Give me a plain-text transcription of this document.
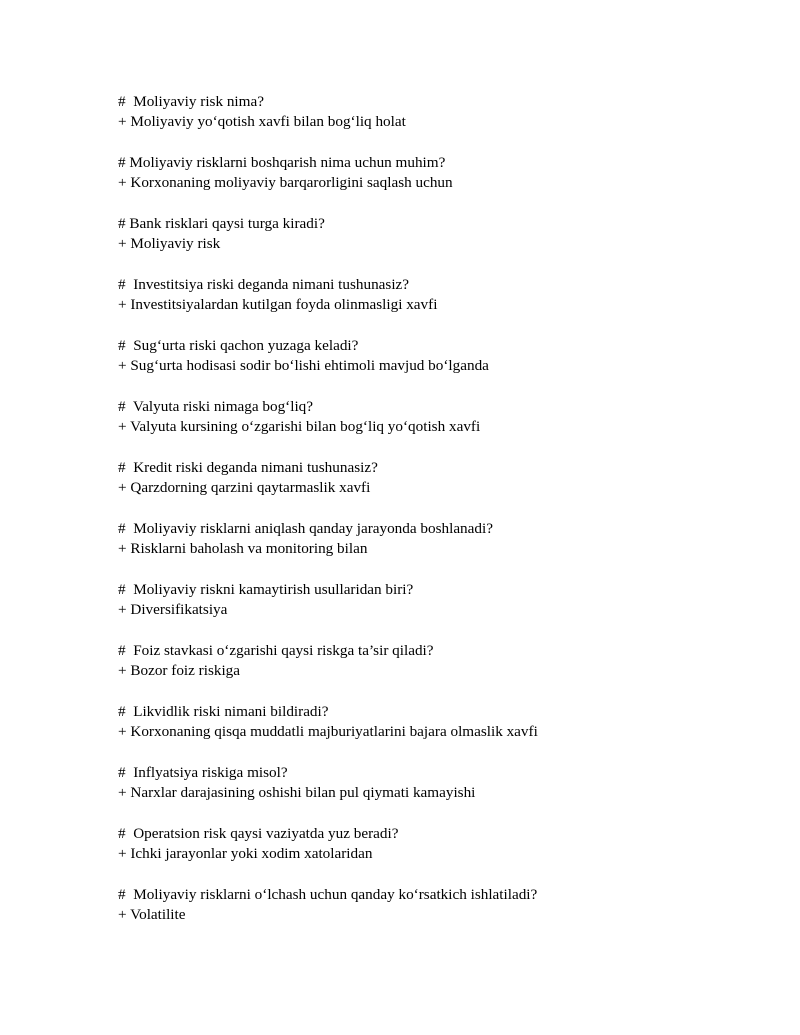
#  Moliyaviy risk nima?
+ Moliyaviy yo‘qotish xavfi bilan bog‘liq holat
# Moliyaviy risklarni boshqarish nima uchun muhim?
+ Korxonaning moliyaviy barqarorligini saqlash uchun
# Bank risklari qaysi turga kiradi?
+ Moliyaviy risk
#  Investitsiya riski deganda nimani tushunasiz?
+ Investitsiyalardan kutilgan foyda olinmasligi xavfi
#  Sug‘urta riski qachon yuzaga keladi?
+ Sug‘urta hodisasi sodir bo‘lishi ehtimoli mavjud bo‘lganda
#  Valyuta riski nimaga bog‘liq?
+ Valyuta kursining o‘zgarishi bilan bog‘liq yo‘qotish xavfi
#  Kredit riski deganda nimani tushunasiz?
+ Qarzdorning qarzini qaytarmaslik xavfi
#  Moliyaviy risklarni aniqlash qanday jarayonda boshlanadi?
+ Risklarni baholash va monitoring bilan
#  Moliyaviy riskni kamaytirish usullaridan biri?
+ Diversifikatsiya
#  Foiz stavkasi o‘zgarishi qaysi riskga ta’sir qiladi?
+ Bozor foiz riskiga
#  Likvidlik riski nimani bildiradi?
+ Korxonaning qisqa muddatli majburiyatlarini bajara olmaslik xavfi
#  Inflyatsiya riskiga misol?
+ Narxlar darajasining oshishi bilan pul qiymati kamayishi
#  Operatsion risk qaysi vaziyatda yuz beradi?
+ Ichki jarayonlar yoki xodim xatolaridan
#  Moliyaviy risklarni o‘lchash uchun qanday ko‘rsatkich ishlatiladi?
+ Volatilite
